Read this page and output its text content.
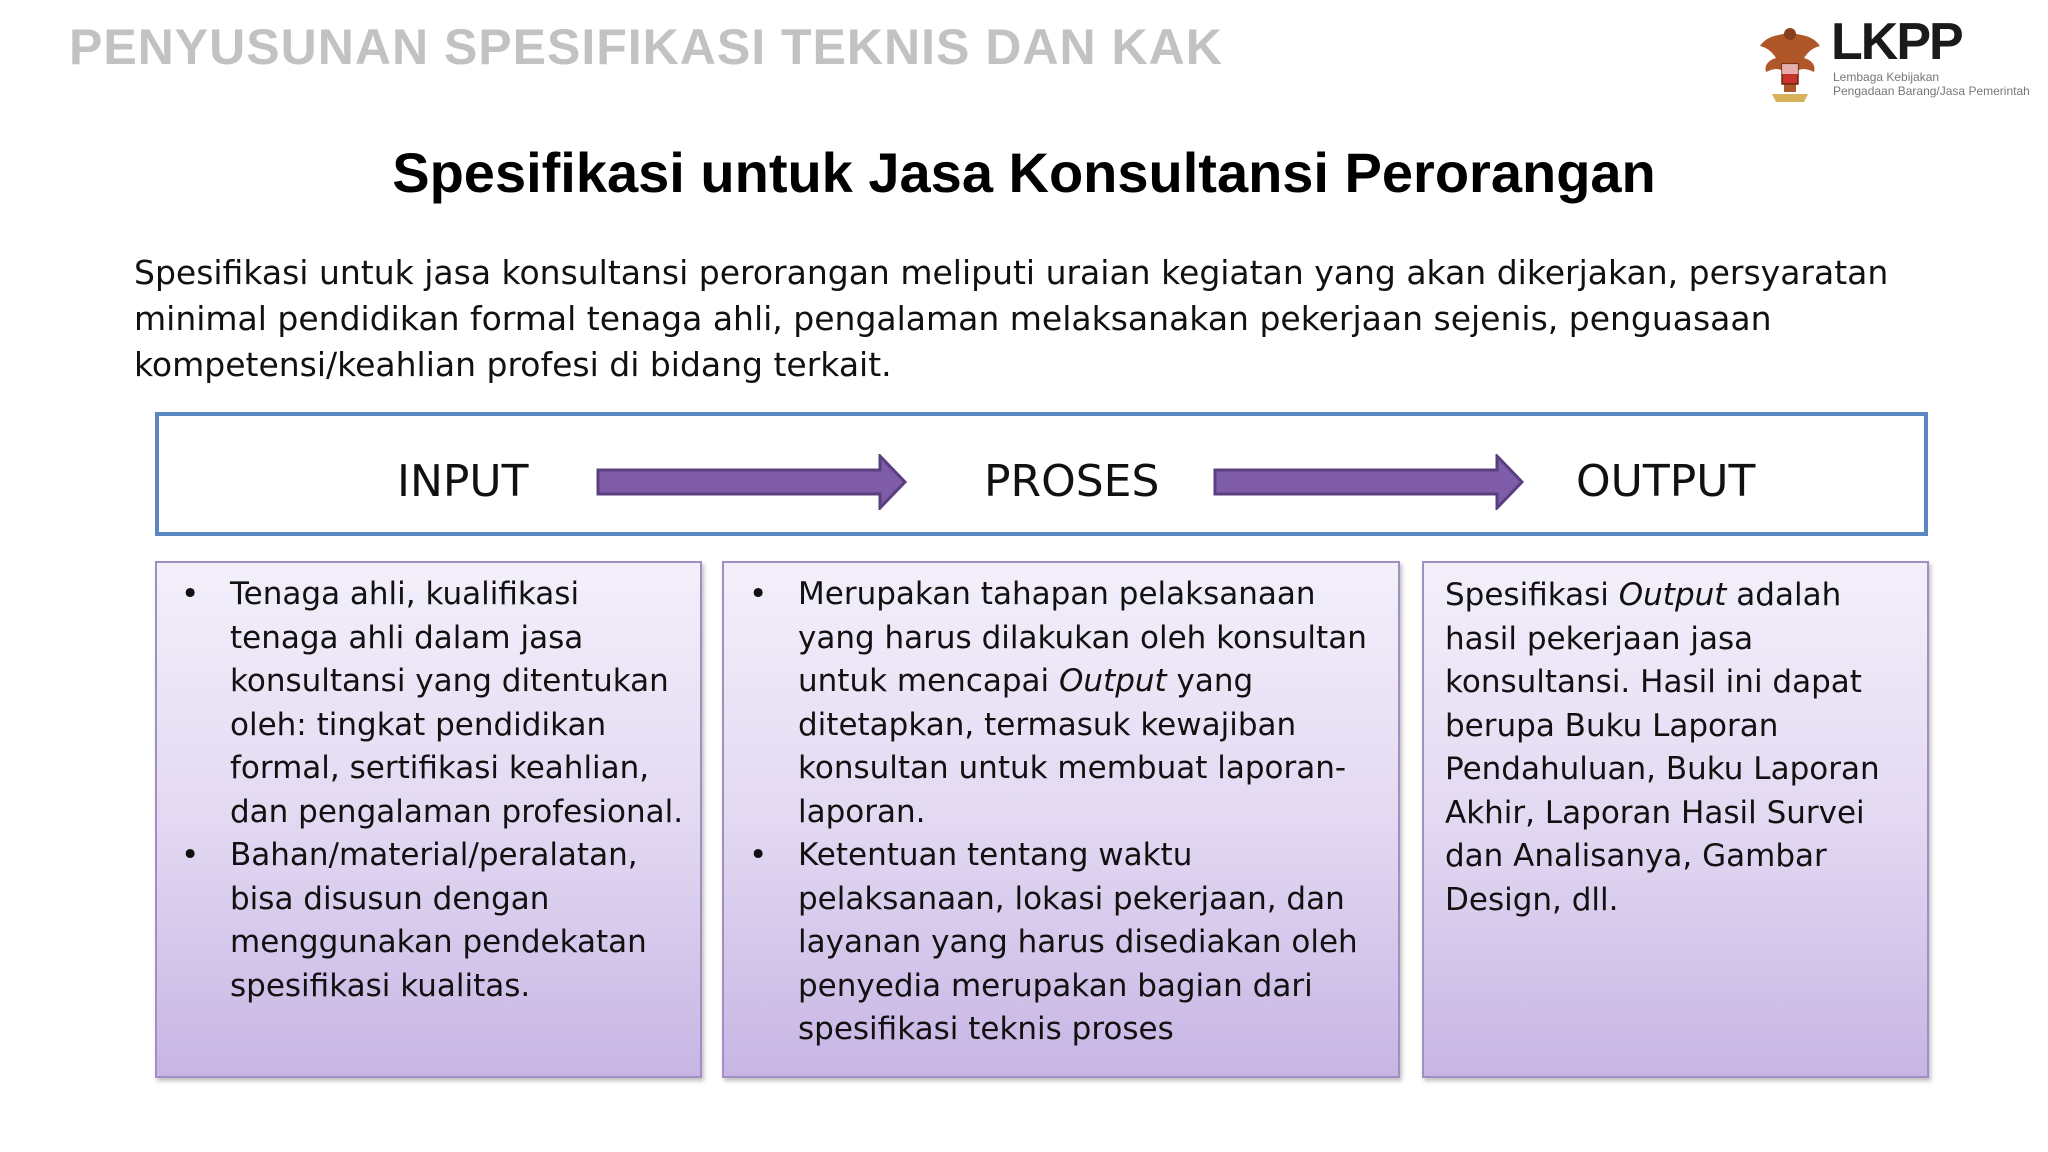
PENYUSUNAN SPESIFIKASI TEKNIS DAN KAK	LKPP
Lembaga Kebijakan
Pengadaan Barang/Jasa Pemerintah
Spesifikasi untuk Jasa Konsultansi Perorangan
Spesifikasi untuk jasa konsultansi perorangan meliputi uraian kegiatan yang akan dikerjakan, persyaratan minimal pendidikan formal tenaga ahli, pengalaman melaksanakan pekerjaan sejenis, penguasaan kompetensi/keahlian profesi di bidang terkait.
INPUT	PROSES	OUTPUT
• Tenaga ahli, kualifikasi tenaga ahli dalam jasa konsultansi yang ditentukan oleh: tingkat pendidikan formal, sertifikasi keahlian, dan pengalaman profesional.
• Bahan/material/peralatan, bisa disusun dengan menggunakan pendekatan spesifikasi kualitas.
• Merupakan tahapan pelaksanaan yang harus dilakukan oleh konsultan untuk mencapai Output yang ditetapkan, termasuk kewajiban konsultan untuk membuat laporan-laporan.
• Ketentuan tentang waktu pelaksanaan, lokasi pekerjaan, dan layanan yang harus disediakan oleh penyedia merupakan bagian dari spesifikasi teknis proses

Spesifikasi Output adalah hasil pekerjaan jasa konsultansi. Hasil ini dapat berupa Buku Laporan Pendahuluan, Buku Laporan Akhir, Laporan Hasil Survei dan Analisanya, Gambar Design, dll.
